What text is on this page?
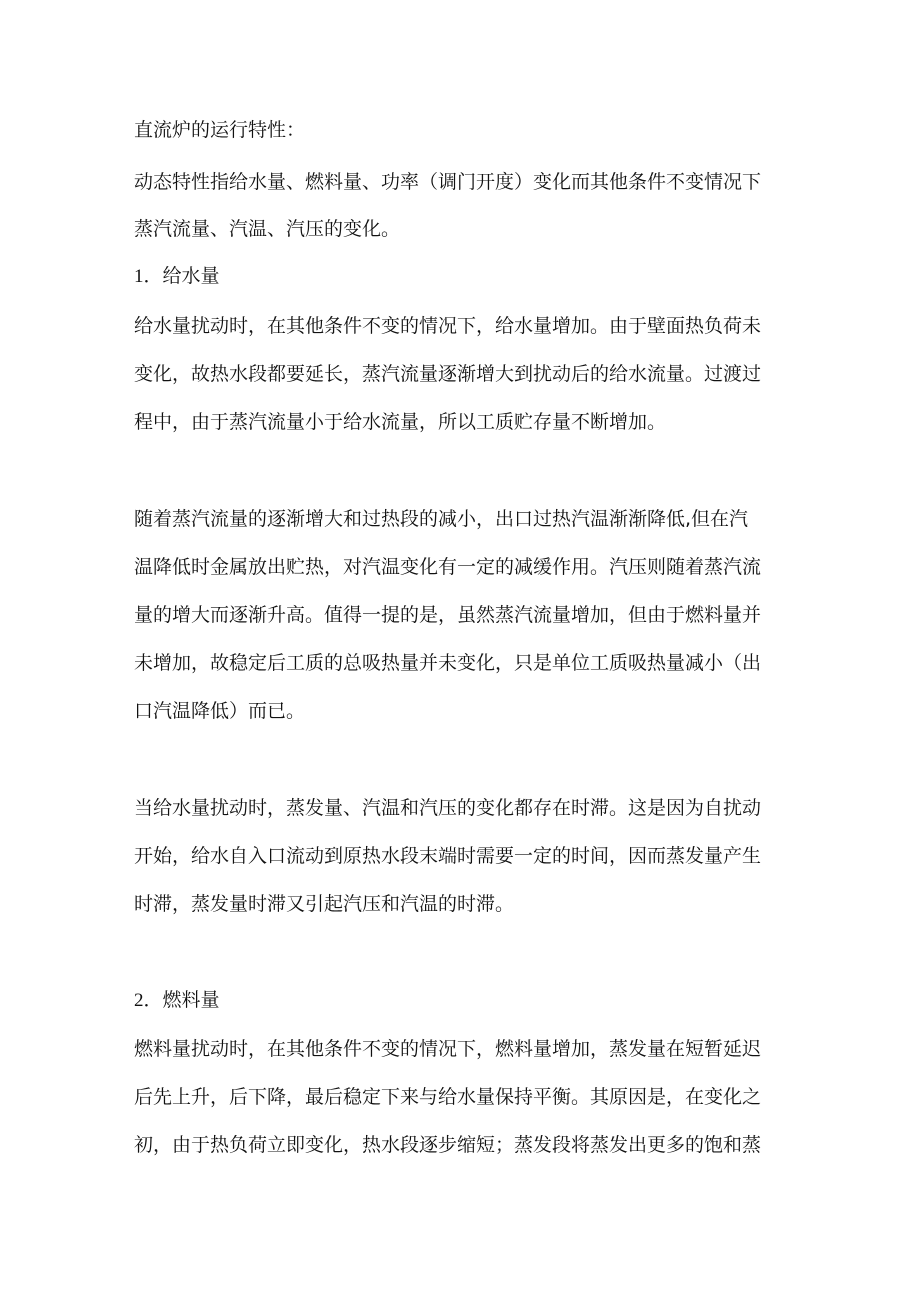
直流炉的运行特性：
动态特性指给水量、燃料量、功率（调门开度）变化而其他条件不变情况下
蒸汽流量、汽温、汽压的变化。
1．给水量
给水量扰动时，在其他条件不变的情况下，给水量增加。由于壁面热负荷未
变化，故热水段都要延长，蒸汽流量逐渐增大到扰动后的给水流量。过渡过
程中，由于蒸汽流量小于给水流量，所以工质贮存量不断增加。
随着蒸汽流量的逐渐增大和过热段的减小，出口过热汽温渐渐降低,但在汽
温降低时金属放出贮热，对汽温变化有一定的减缓作用。汽压则随着蒸汽流
量的增大而逐渐升高。值得一提的是，虽然蒸汽流量增加，但由于燃料量并
未增加，故稳定后工质的总吸热量并未变化，只是单位工质吸热量减小（出
口汽温降低）而已。
当给水量扰动时，蒸发量、汽温和汽压的变化都存在时滞。这是因为自扰动
开始，给水自入口流动到原热水段末端时需要一定的时间，因而蒸发量产生
时滞，蒸发量时滞又引起汽压和汽温的时滞。
2．燃料量
燃料量扰动时，在其他条件不变的情况下，燃料量增加，蒸发量在短暂延迟
后先上升，后下降，最后稳定下来与给水量保持平衡。其原因是，在变化之
初，由于热负荷立即变化，热水段逐步缩短；蒸发段将蒸发出更多的饱和蒸
